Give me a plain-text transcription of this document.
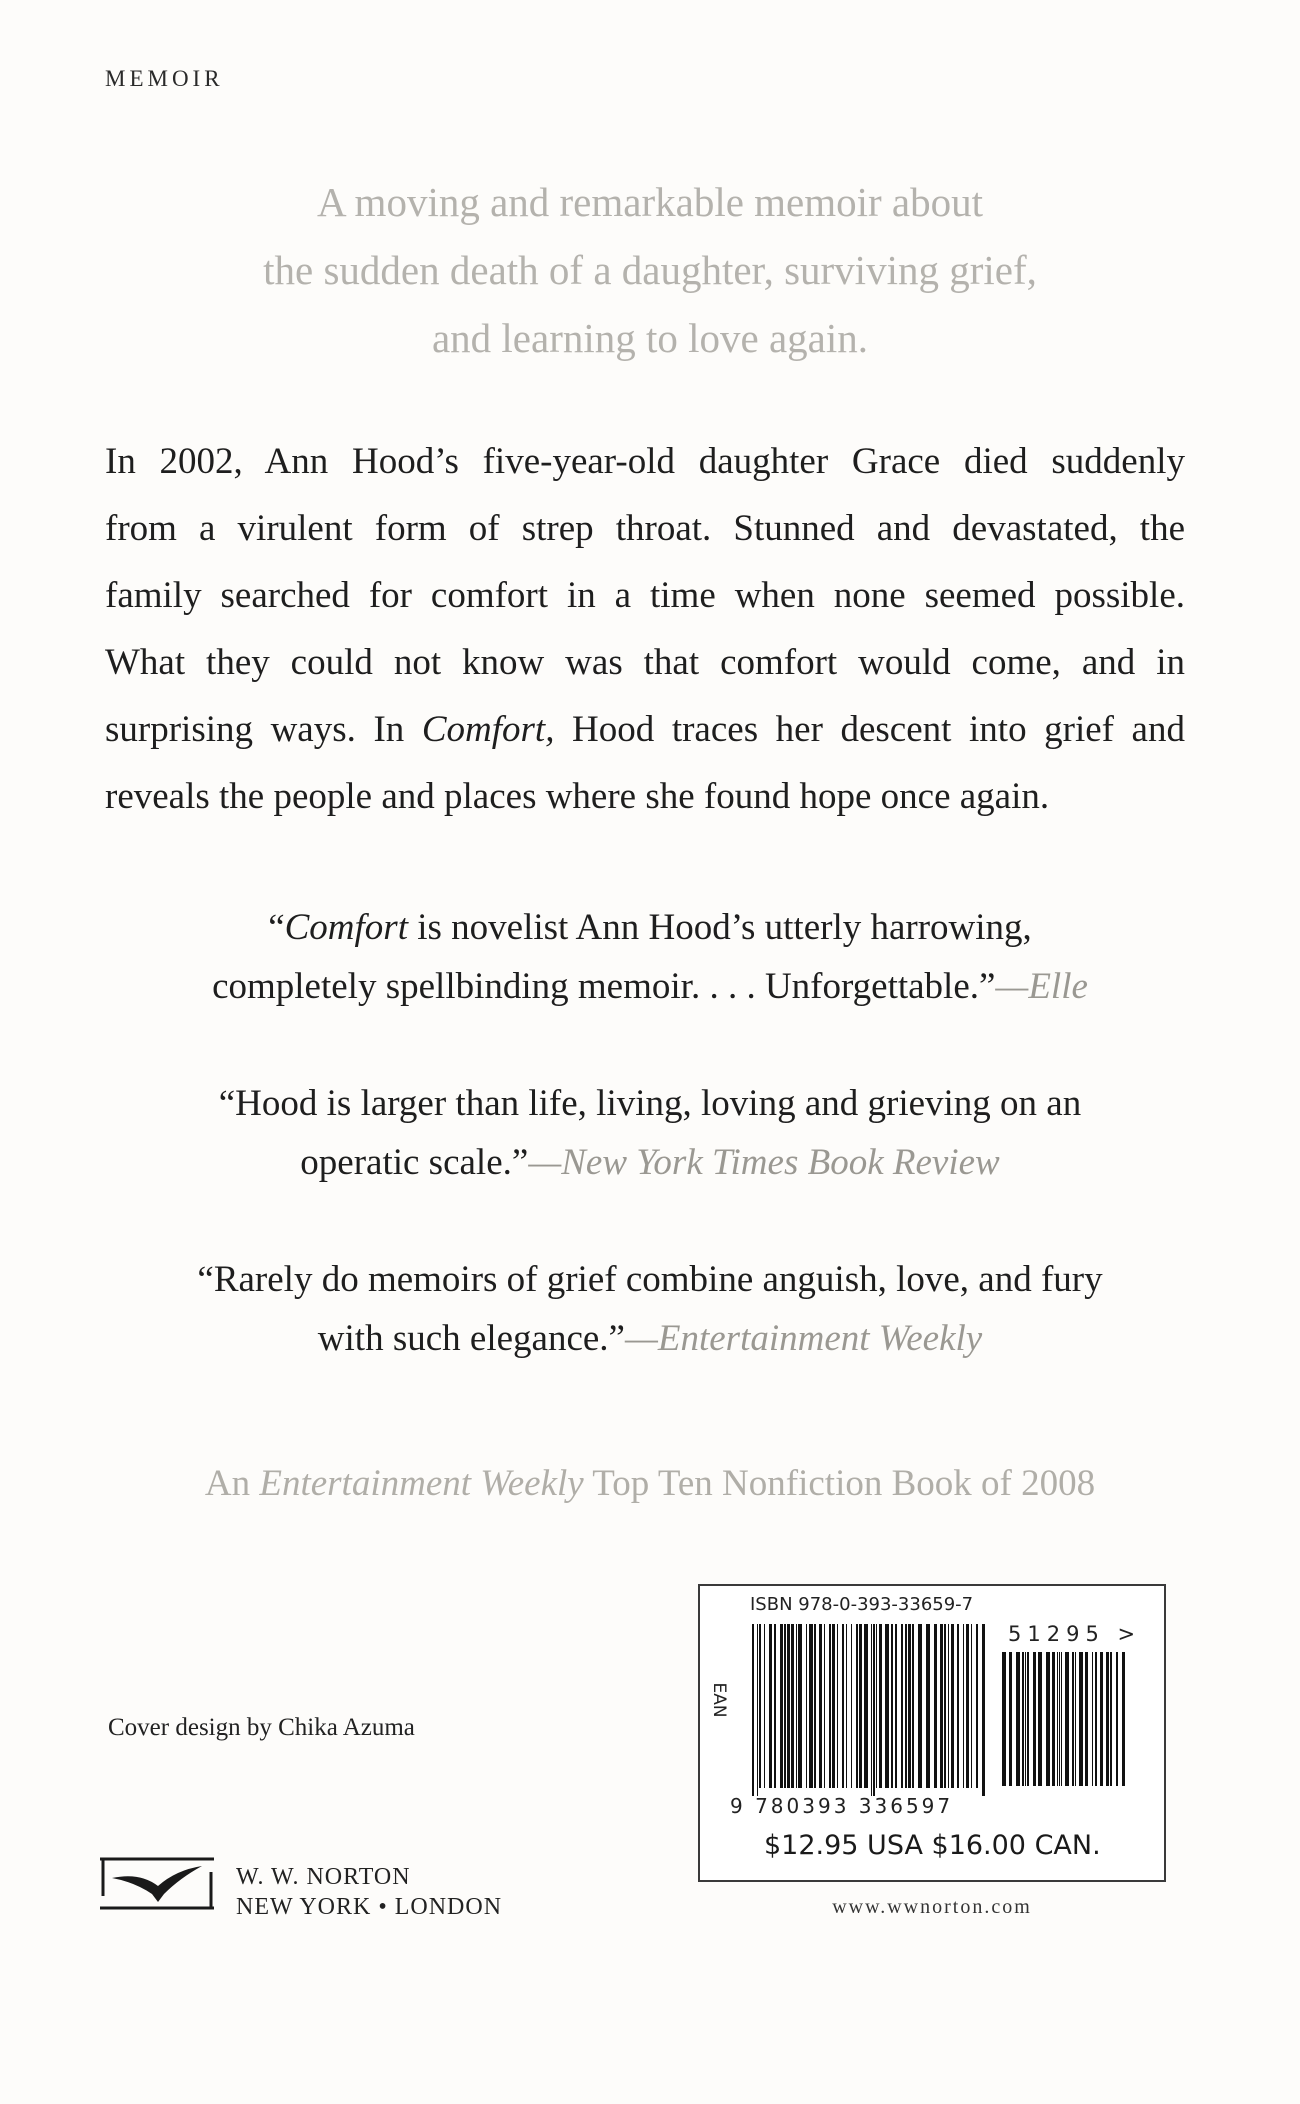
MEMOIR
A moving and remarkable memoir about
the sudden death of a daughter, surviving grief,
and learning to love again.
In 2002, Ann Hood’s five-year-old daughter Grace died suddenly
from a virulent form of strep throat. Stunned and devastated, the
family searched for comfort in a time when none seemed possible.
What they could not know was that comfort would come, and in
surprising ways. In Comfort, Hood traces her descent into grief and
reveals the people and places where she found hope once again.
“Comfort is novelist Ann Hood’s utterly harrowing,
completely spellbinding memoir. . . . Unforgettable.”—Elle
“Hood is larger than life, living, loving and grieving on an
operatic scale.”—New York Times Book Review
“Rarely do memoirs of grief combine anguish, love, and fury
with such elegance.”—Entertainment Weekly
An Entertainment Weekly Top Ten Nonfiction Book of 2008
ISBN 978-0-393-33659-7
EAN
51295 >
9 780393 336597
$12.95 USA $16.00 CAN.
Cover design by Chika Azuma
W. W. NORTON
NEW YORK • LONDON	www.wwnorton.com
